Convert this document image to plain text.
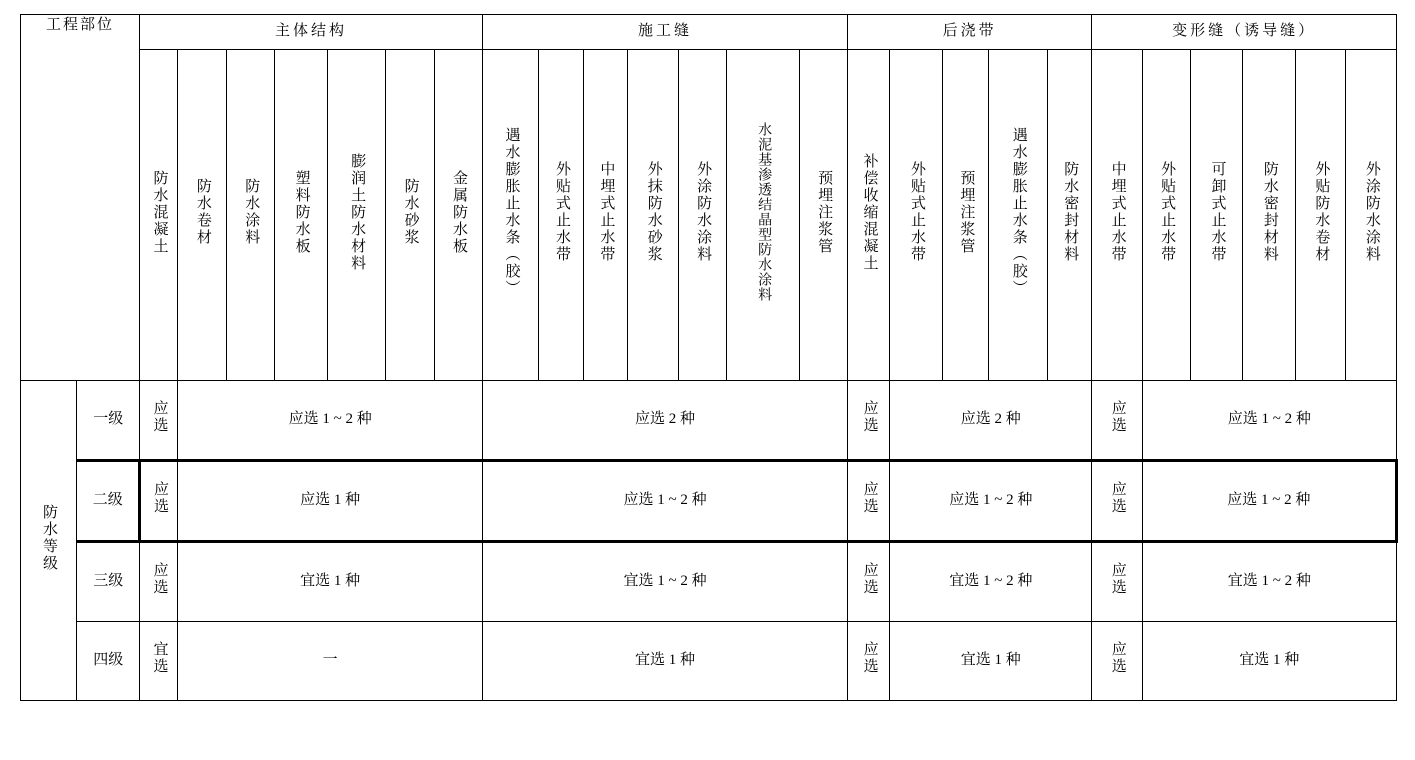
工程部位		主体结构							施工缝							后浇带					变形缝（诱导缝）					
		防水混凝土	防水卷材	防水涂料	塑料防水板	膨润土防水材料	防水砂浆	金属防水板	遇水膨胀止水条（胶）	外贴式止水带	中埋式止水带	外抹防水砂浆	外涂防水涂料	水泥基渗透结晶型防水涂料	预埋注浆管	补偿收缩混凝土	外贴式止水带	预埋注浆管	遇水膨胀止水条（胶）	防水密封材料	中埋式止水带	外贴式止水带	可卸式止水带	防水密封材料	外贴防水卷材	外涂防水涂料
防水等级	一级	应选	应选 1 ~ 2 种						应选 2 种							应选	应选 2 种				应选	应选 1 ~ 2 种				
	二级	应选	应选 1 种						应选 1 ~ 2 种							应选	应选 1 ~ 2 种				应选	应选 1 ~ 2 种				
	三级	应选	宜选 1 种						宜选 1 ~ 2 种							应选	宜选 1 ~ 2 种				应选	宜选 1 ~ 2 种				
	四级	宜选	一						宜选 1 种							应选	宜选 1 种				应选	宜选 1 种				
